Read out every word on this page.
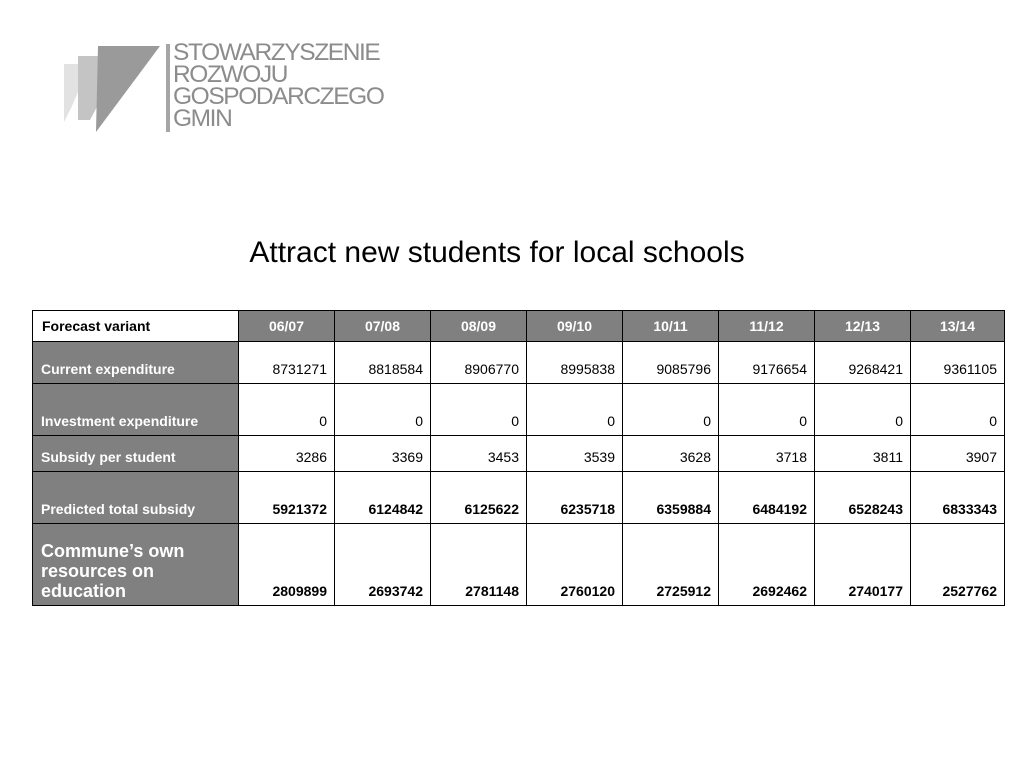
STOWARZYSZENIE
ROZWOJU
GOSPODARCZEGO
GMIN
Attract new students for local schools
Forecast variant	06/07	07/08	08/09	09/10	10/11	11/12	12/13	13/14
Current expenditure	8731271	8818584	8906770	8995838	9085796	9176654	9268421	9361105
Investment expenditure	0	0	0	0	0	0	0	0
Subsidy per student	3286	3369	3453	3539	3628	3718	3811	3907
Predicted total subsidy	5921372	6124842	6125622	6235718	6359884	6484192	6528243	6833343
Commune’s own resources on education	2809899	2693742	2781148	2760120	2725912	2692462	2740177	2527762
